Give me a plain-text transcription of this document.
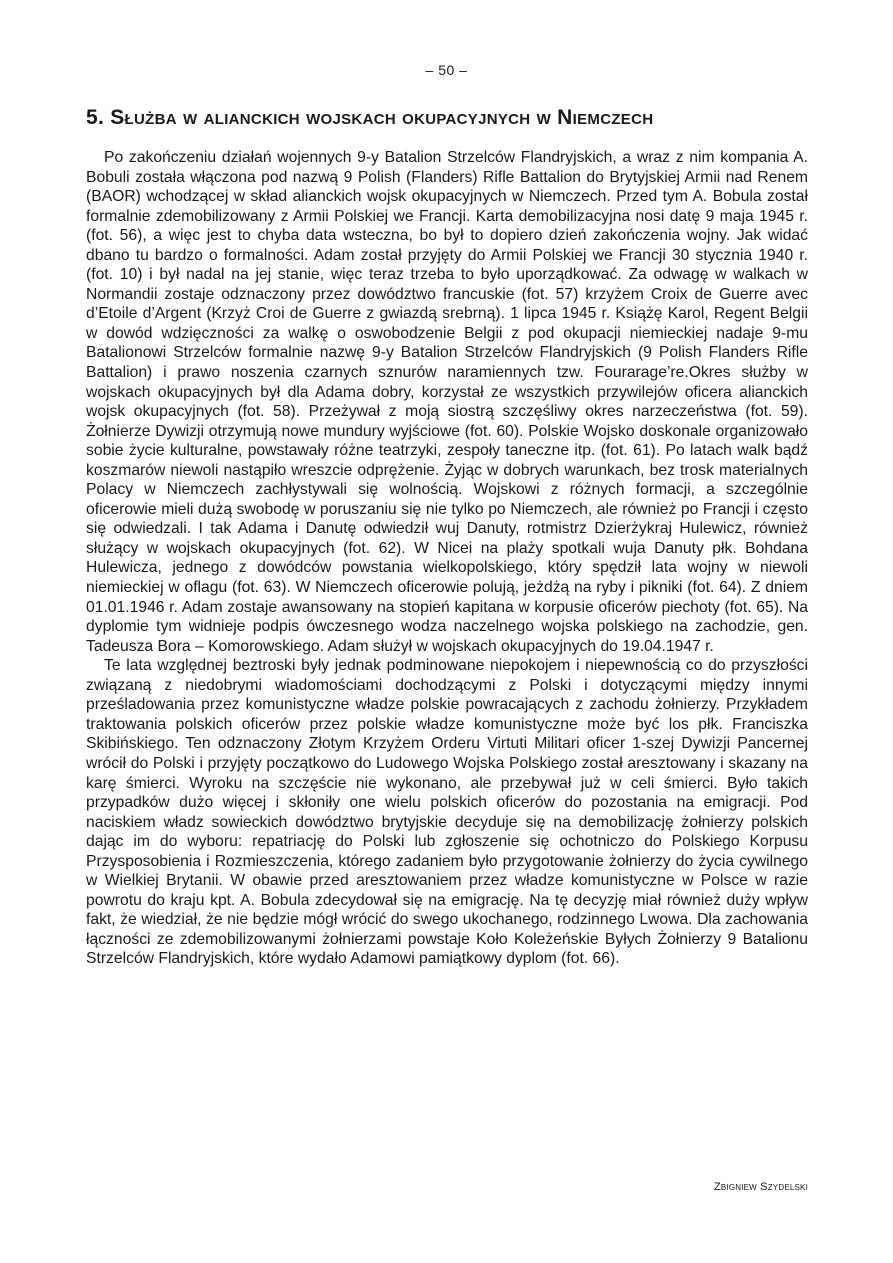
– 50 –
5. Służba w alianckich wojskach okupacyjnych w Niemczech

Po zakończeniu działań wojennych 9-y Batalion Strzelców Flandryjskich, a wraz z nim kompania A. Bobuli została włączona pod nazwą 9 Polish (Flanders) Rifle Battalion do Brytyjskiej Armii nad Renem (BAOR) wchodzącej w skład alianckich wojsk okupacyjnych w Niemczech. Przed tym A. Bobula został formalnie zdemobilizowany z Armii Polskiej we Francji. Karta demobilizacyjna nosi datę 9 maja 1945 r. (fot. 56), a więc jest to chyba data wsteczna, bo był to dopiero dzień zakończenia wojny. Jak widać dbano tu bardzo o formalności. Adam został przyjęty do Armii Polskiej we Francji 30 stycznia 1940 r. (fot. 10) i był nadal na jej stanie, więc teraz trzeba to było uporządkować. Za odwagę w walkach w Normandii zostaje odznaczony przez dowództwo francuskie (fot. 57) krzyżem Croix de Guerre avec d’Etoile d’Argent (Krzyż Croi de Guerre z gwiazdą srebrną). 1 lipca 1945 r. Książę Karol, Regent Belgii w dowód wdzięczności za walkę o oswobodzenie Belgii z pod okupacji niemieckiej nadaje 9-mu Batalionowi Strzelców formalnie nazwę 9-y Batalion Strzelców Flandryjskich (9 Polish Flanders Rifle Battalion) i prawo noszenia czarnych sznurów naramiennych tzw. Fourarage’re.Okres służby w wojskach okupacyjnych był dla Adama dobry, korzystał ze wszystkich przywilejów oficera alianckich wojsk okupacyjnych (fot. 58). Przeżywał z moją siostrą szczęśliwy okres narzeczeństwa (fot. 59). Żołnierze Dywizji otrzymują nowe mundury wyjściowe (fot. 60). Polskie Wojsko doskonale organizowało sobie życie kulturalne, powstawały różne teatrzyki, zespoły taneczne itp. (fot. 61). Po latach walk bądź koszmarów niewoli nastąpiło wreszcie odprężenie. Żyjąc w dobrych warunkach, bez trosk materialnych Polacy w Niemczech zachłystywali się wolnością. Wojskowi z różnych formacji, a szczególnie oficerowie mieli dużą swobodę w poruszaniu się nie tylko po Niemczech, ale również po Francji i często się odwiedzali. I tak Adama i Danutę odwiedził wuj Danuty, rotmistrz Dzierżykraj Hulewicz, również służący w wojskach okupacyjnych (fot. 62). W Nicei na plaży spotkali wuja Danuty płk. Bohdana Hulewicza, jednego z dowódców powstania wielkopolskiego, który spędził lata wojny w niewoli niemieckiej w oflagu (fot. 63). W Niemczech oficerowie polują, jeżdżą na ryby i pikniki (fot. 64). Z dniem 01.01.1946 r. Adam zostaje awansowany na stopień kapitana w korpusie oficerów piechoty (fot. 65). Na dyplomie tym widnieje podpis ówczesnego wodza naczelnego wojska polskiego na zachodzie, gen. Tadeusza Bora – Komorowskiego. Adam służył w wojskach okupacyjnych do 19.04.1947 r.

Te lata względnej beztroski były jednak podminowane niepokojem i niepewnością co do przyszłości związaną z niedobrymi wiadomościami dochodzącymi z Polski i dotyczącymi między innymi prześladowania przez komunistyczne władze polskie powracających z zachodu żołnierzy. Przykładem traktowania polskich oficerów przez polskie władze komunistyczne może być los płk. Franciszka Skibińskiego. Ten odznaczony Złotym Krzyżem Orderu Virtuti Militari oficer 1-szej Dywizji Pancernej wrócił do Polski i przyjęty początkowo do Ludowego Wojska Polskiego został aresztowany i skazany na karę śmierci. Wyroku na szczęście nie wykonano, ale przebywał już w celi śmierci. Było takich przypadków dużo więcej i skłoniły one wielu polskich oficerów do pozostania na emigracji. Pod naciskiem władz sowieckich dowództwo brytyjskie decyduje się na demobilizację żołnierzy polskich dając im do wyboru: repatriację do Polski lub zgłoszenie się ochotniczo do Polskiego Korpusu Przysposobienia i Rozmieszczenia, którego zadaniem było przygotowanie żołnierzy do życia cywilnego w Wielkiej Brytanii. W obawie przed aresztowaniem przez władze komunistyczne w Polsce w razie powrotu do kraju kpt. A. Bobula zdecydował się na emigrację. Na tę decyzję miał również duży wpływ fakt, że wiedział, że nie będzie mógł wrócić do swego ukochanego, rodzinnego Lwowa. Dla zachowania łączności ze zdemobilizowanymi żołnierzami powstaje Koło Koleżeńskie Byłych Żołnierzy 9 Batalionu Strzelców Flandryjskich, które wydało Adamowi pamiątkowy dyplom (fot. 66).

Zbigniew Szydelski
